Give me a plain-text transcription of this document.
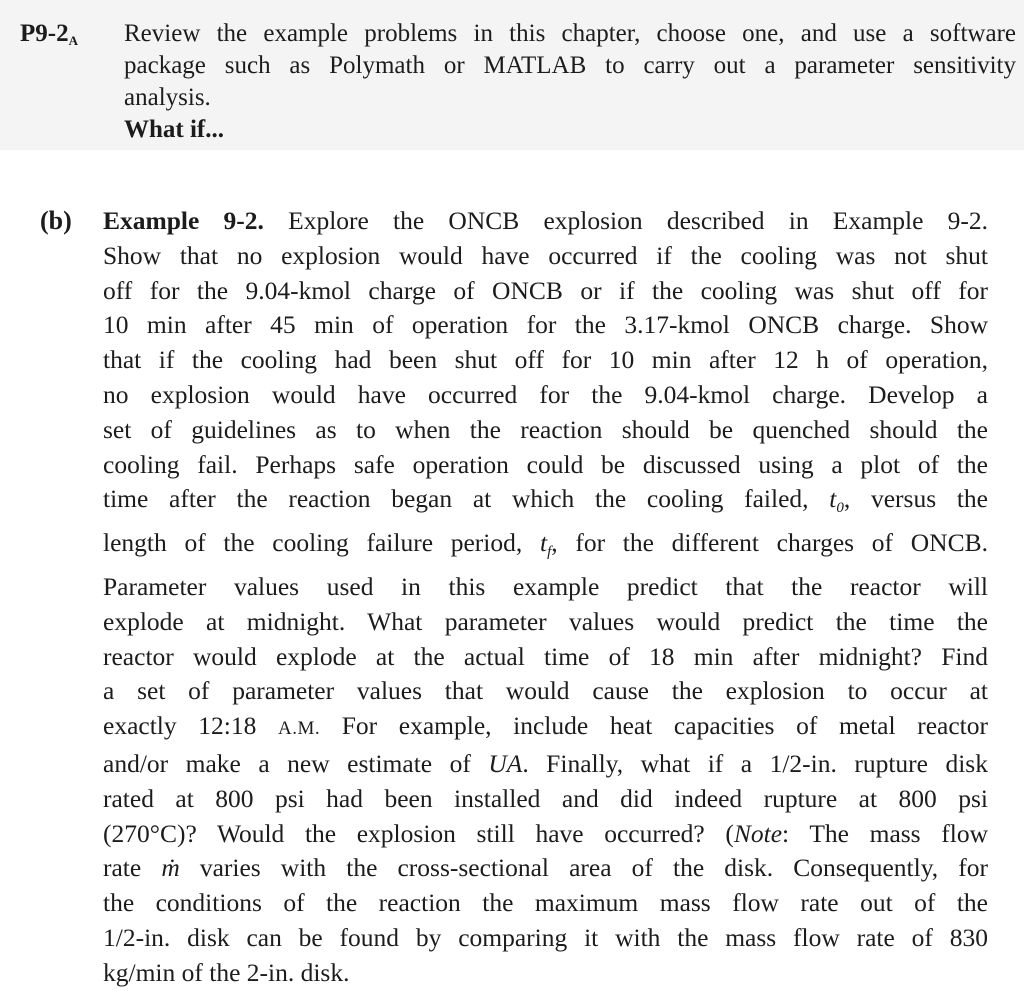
$P9-2_A$ Review the example problems in this chapter, choose one, and use a software
package such as Polymath or MATLAB to carry out a parameter sensitivity
analysis.
What if...
(b) Example 9-2. Explore the ONCB explosion described in Example 9-2.
Show that no explosion would have occurred if the cooling was not shut
off for the 9.04-kmol charge of ONCB or if the cooling was shut off for
10 min after 45 min of operation for the 3.17-kmol ONCB charge. Show
that if the cooling had been shut off for 10 min after 12 h of operation,
no explosion would have occurred for the 9.04-kmol charge. Develop a
set of guidelines as to when the reaction should be quenched should the
cooling fail. Perhaps safe operation could be discussed using a plot of the
time after the reaction began at which the cooling failed, $t_0$, versus the
length of the cooling failure period, $t_f$, for the different charges of ONCB.
Parameter values used in this example predict that the reactor will
explode at midnight. What parameter values would predict the time the
reactor would explode at the actual time of 18 min after midnight? Find
a set of parameter values that would cause the explosion to occur at
exactly 12:18 A.M. For example, include heat capacities of metal reactor
and/or make a new estimate of UA. Finally, what if a 1/2-in. rupture disk
rated at 800 psi had been installed and did indeed rupture at 800 psi
(270°C)? Would the explosion still have occurred? (Note: The mass flow
rate ṁ varies with the cross-sectional area of the disk. Consequently, for
the conditions of the reaction the maximum mass flow rate out of the
1/2-in. disk can be found by comparing it with the mass flow rate of 830
kg/min of the 2-in. disk.
